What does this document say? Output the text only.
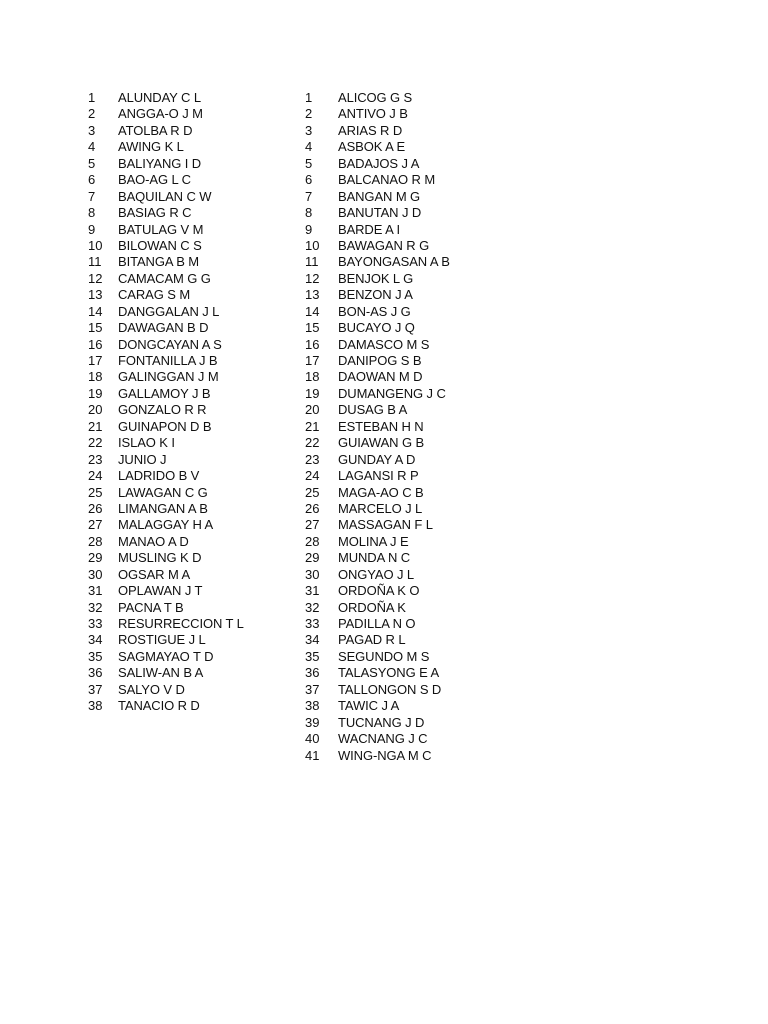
1	ALUNDAY C L
2	ANGGA-O J M
3	ATOLBA R D
4	AWING K L
5	BALIYANG I D
6	BAO-AG L C
7	BAQUILAN C W
8	BASIAG R C
9	BATULAG V M
10	BILOWAN C S
11	BITANGA B M
12	CAMACAM G G
13	CARAG S M
14	DANGGALAN J L
15	DAWAGAN B D
16	DONGCAYAN A S
17	FONTANILLA J B
18	GALINGGAN J M
19	GALLAMOY J B
20	GONZALO R R
21	GUINAPON D B
22	ISLAO K I
23	JUNIO J
24	LADRIDO B V
25	LAWAGAN C G
26	LIMANGAN A B
27	MALAGGAY H A
28	MANAO A D
29	MUSLING K D
30	OGSAR M A
31	OPLAWAN J T
32	PACNA T B
33	RESURRECCION T L
34	ROSTIGUE J L
35	SAGMAYAO T D
36	SALIW-AN B A
37	SALYO V D
38	TANACIO R D
1	ALICOG G S
2	ANTIVO J B
3	ARIAS R D
4	ASBOK A E
5	BADAJOS J A
6	BALCANAO R M
7	BANGAN M G
8	BANUTAN J D
9	BARDE A I
10	BAWAGAN R G
11	BAYONGASAN A B
12	BENJOK L G
13	BENZON J A
14	BON-AS J G
15	BUCAYO J Q
16	DAMASCO M S
17	DANIPOG S B
18	DAOWAN M D
19	DUMANGENG J C
20	DUSAG B A
21	ESTEBAN H N
22	GUIAWAN G B
23	GUNDAY A D
24	LAGANSI R P
25	MAGA-AO C B
26	MARCELO J L
27	MASSAGAN F L
28	MOLINA J E
29	MUNDA N C
30	ONGYAO J L
31	ORDOÑA K O
32	ORDOÑA K
33	PADILLA N O
34	PAGAD R L
35	SEGUNDO M S
36	TALASYONG E A
37	TALLONGON S D
38	TAWIC J A
39	TUCNANG J D
40	WACNANG J C
41	WING-NGA M C
